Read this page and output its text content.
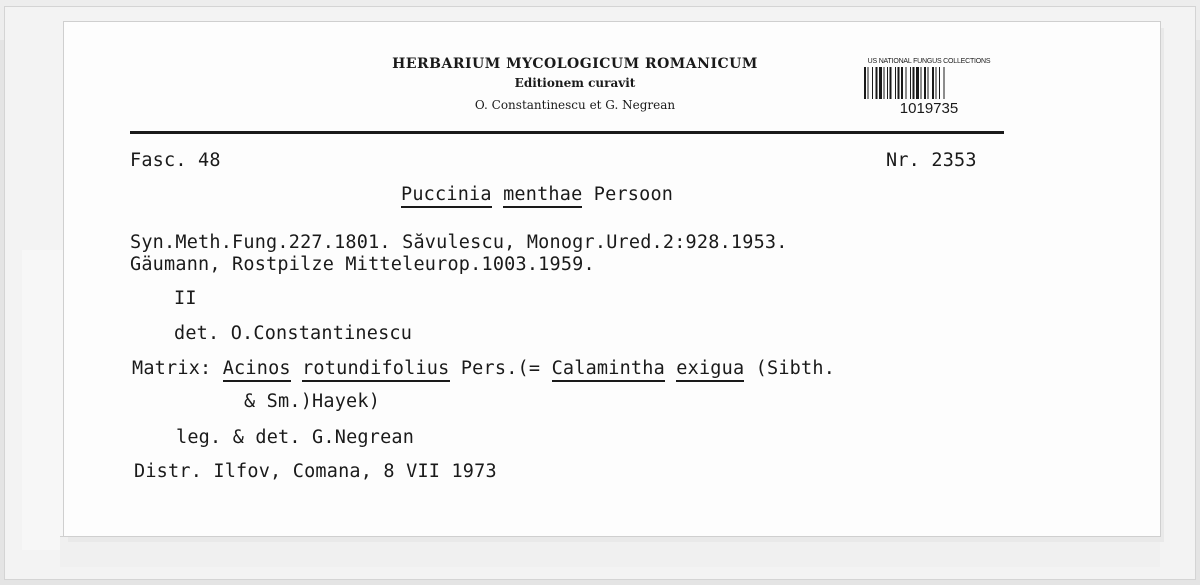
HERBARIUM MYCOLOGICUM ROMANICUM
Editionem curavit
O. Constantinescu et G. Negrean
US NATIONAL FUNGUS COLLECTIONS
1019735
Fasc. 48	Nr. 2353
Puccinia menthae Persoon
Syn.Meth.Fung.227.1801. Săvulescu, Monogr.Ured.2:928.1953.
Gäumann, Rostpilze Mitteleurop.1003.1959.
II
det. O.Constantinescu
Matrix: Acinos rotundifolius Pers.(= Calamintha exigua (Sibth.
& Sm.)Hayek)
leg. & det. G.Negrean
Distr. Ilfov, Comana, 8 VII 1973
